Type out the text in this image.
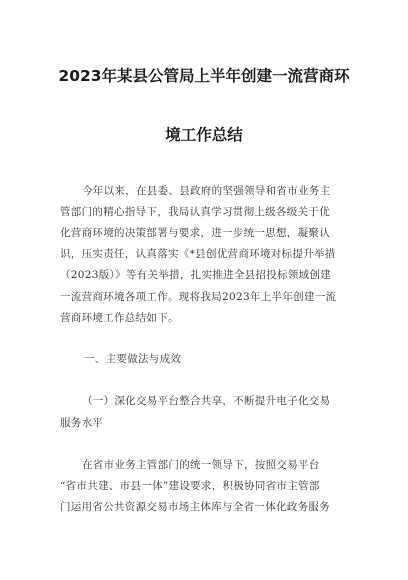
2023年某县公管局上半年创建一流营商环
境工作总结
今年以来，在县委、县政府的坚强领导和省市业务主
管部门的精心指导下，我局认真学习贯彻上级各级关于优
化营商环境的决策部署与要求，进一步统一思想，凝聚认
识，压实责任，认真落实《*县创优营商环境对标提升举措
（2023版）》等有关举措，扎实推进全县招投标领域创建
一流营商环境各项工作。现将我局2023年上半年创建一流
营商环境工作总结如下。
一、主要做法与成效
（一）深化交易平台整合共享，不断提升电子化交易
服务水平
在省市业务主管部门的统一领导下，按照交易平台
“省市共建、市县一体”建设要求，积极协同省市主管部
门运用省公共资源交易市场主体库与全省一体化政务服务
